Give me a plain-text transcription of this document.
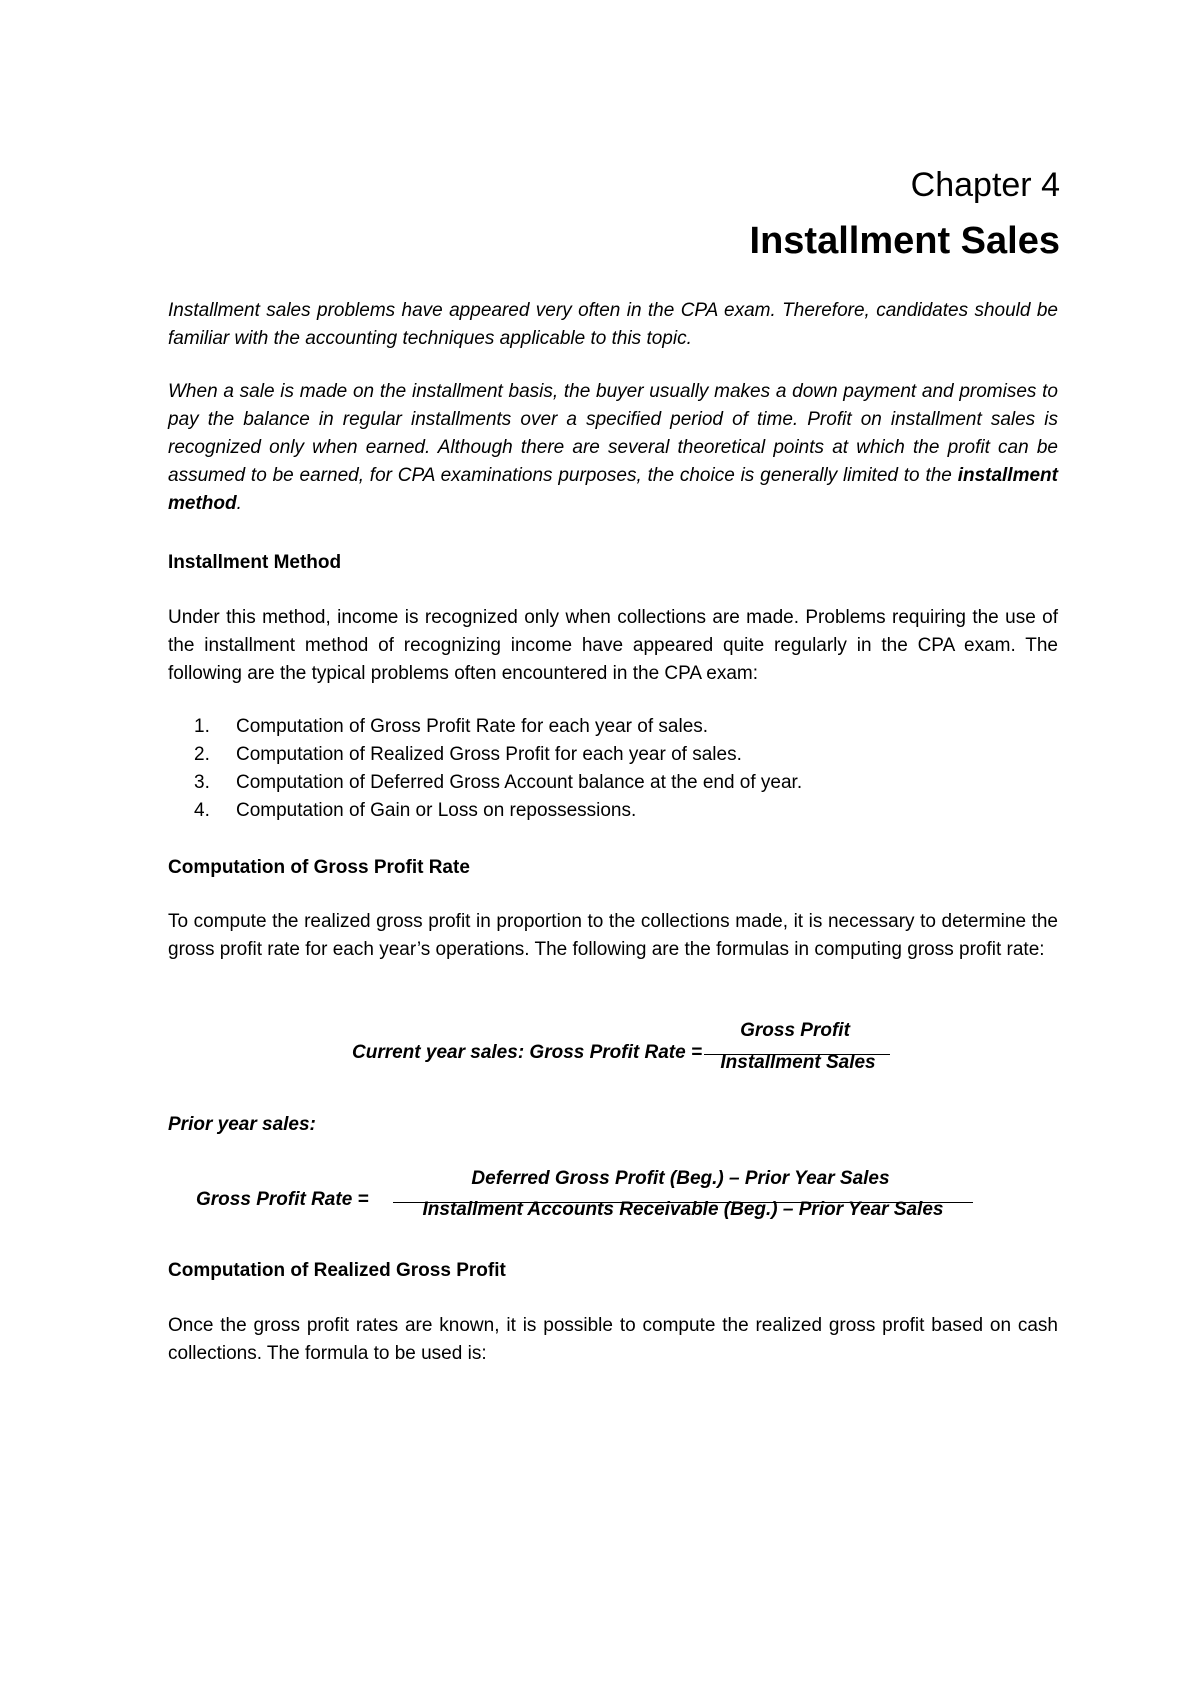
Chapter 4
Installment Sales

Installment sales problems have appeared very often in the CPA exam. Therefore, candidates should be familiar with the accounting techniques applicable to this topic.

When a sale is made on the installment basis, the buyer usually makes a down payment and promises to pay the balance in regular installments over a specified period of time. Profit on installment sales is recognized only when earned. Although there are several theoretical points at which the profit can be assumed to be earned, for CPA examinations purposes, the choice is generally limited to the installment method.

Installment Method

Under this method, income is recognized only when collections are made. Problems requiring the use of the installment method of recognizing income have appeared quite regularly in the CPA exam. The following are the typical problems often encountered in the CPA exam:

1.	Computation of Gross Profit Rate for each year of sales.
2.	Computation of Realized Gross Profit for each year of sales.
3.	Computation of Deferred Gross Account balance at the end of year.
4.	Computation of Gain or Loss on repossessions.
Computation of Gross Profit Rate

To compute the realized gross profit in proportion to the collections made, it is necessary to determine the gross profit rate for each year’s operations. The following are the formulas in computing gross profit rate:

Current year sales: Gross Profit Rate =
Gross Profit
Installment Sales
Prior year sales:
Gross Profit Rate =
Deferred Gross Profit (Beg.) – Prior Year Sales
Installment Accounts Receivable (Beg.) – Prior Year Sales
Computation of Realized Gross Profit

Once the gross profit rates are known, it is possible to compute the realized gross profit based on cash collections. The formula to be used is:
